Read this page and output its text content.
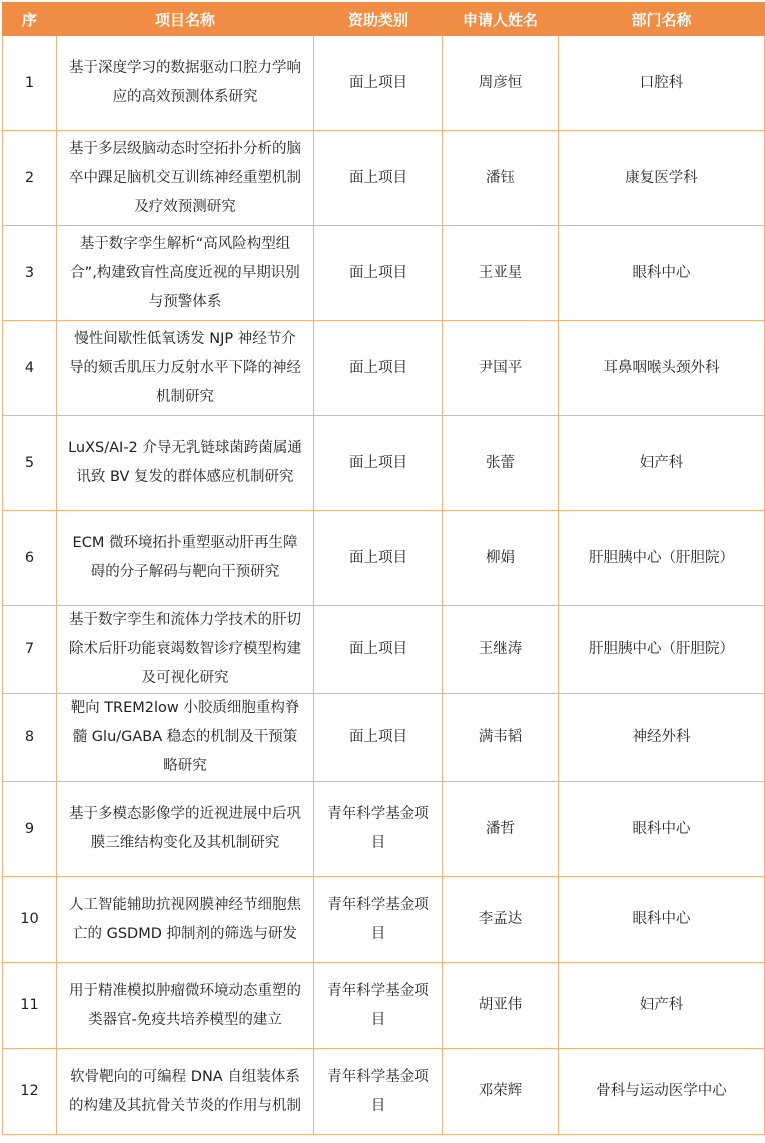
序	项目名称	资助类别	申请人姓名	部门名称
1	基于深度学习的数据驱动口腔力学响应的高效预测体系研究	面上项目	周彦恒	口腔科
2	基于多层级脑动态时空拓扑分析的脑卒中踝足脑机交互训练神经重塑机制及疗效预测研究	面上项目	潘钰	康复医学科
3	基于数字孪生解析“高风险构型组合”,构建致盲性高度近视的早期识别与预警体系	面上项目	王亚星	眼科中心
4	慢性间歇性低氧诱发 NJP 神经节介导的颏舌肌压力反射水平下降的神经机制研究	面上项目	尹国平	耳鼻咽喉头颈外科
5	LuXS/AI-2 介导无乳链球菌跨菌属通讯致 BV 复发的群体感应机制研究	面上项目	张蕾	妇产科
6	ECM 微环境拓扑重塑驱动肝再生障碍的分子解码与靶向干预研究	面上项目	柳娟	肝胆胰中心（肝胆院）
7	基于数字孪生和流体力学技术的肝切除术后肝功能衰竭数智诊疗模型构建及可视化研究	面上项目	王继涛	肝胆胰中心（肝胆院）
8	靶向 TREM2low 小胶质细胞重构脊髓 Glu/GABA 稳态的机制及干预策略研究	面上项目	满韦韬	神经外科
9	基于多模态影像学的近视进展中后巩膜三维结构变化及其机制研究	青年科学基金项目	潘哲	眼科中心
10	人工智能辅助抗视网膜神经节细胞焦亡的 GSDMD 抑制剂的筛选与研发	青年科学基金项目	李孟达	眼科中心
11	用于精准模拟肿瘤微环境动态重塑的类器官-免疫共培养模型的建立	青年科学基金项目	胡亚伟	妇产科
12	软骨靶向的可编程 DNA 自组装体系的构建及其抗骨关节炎的作用与机制	青年科学基金项目	邓荣辉	骨科与运动医学中心
